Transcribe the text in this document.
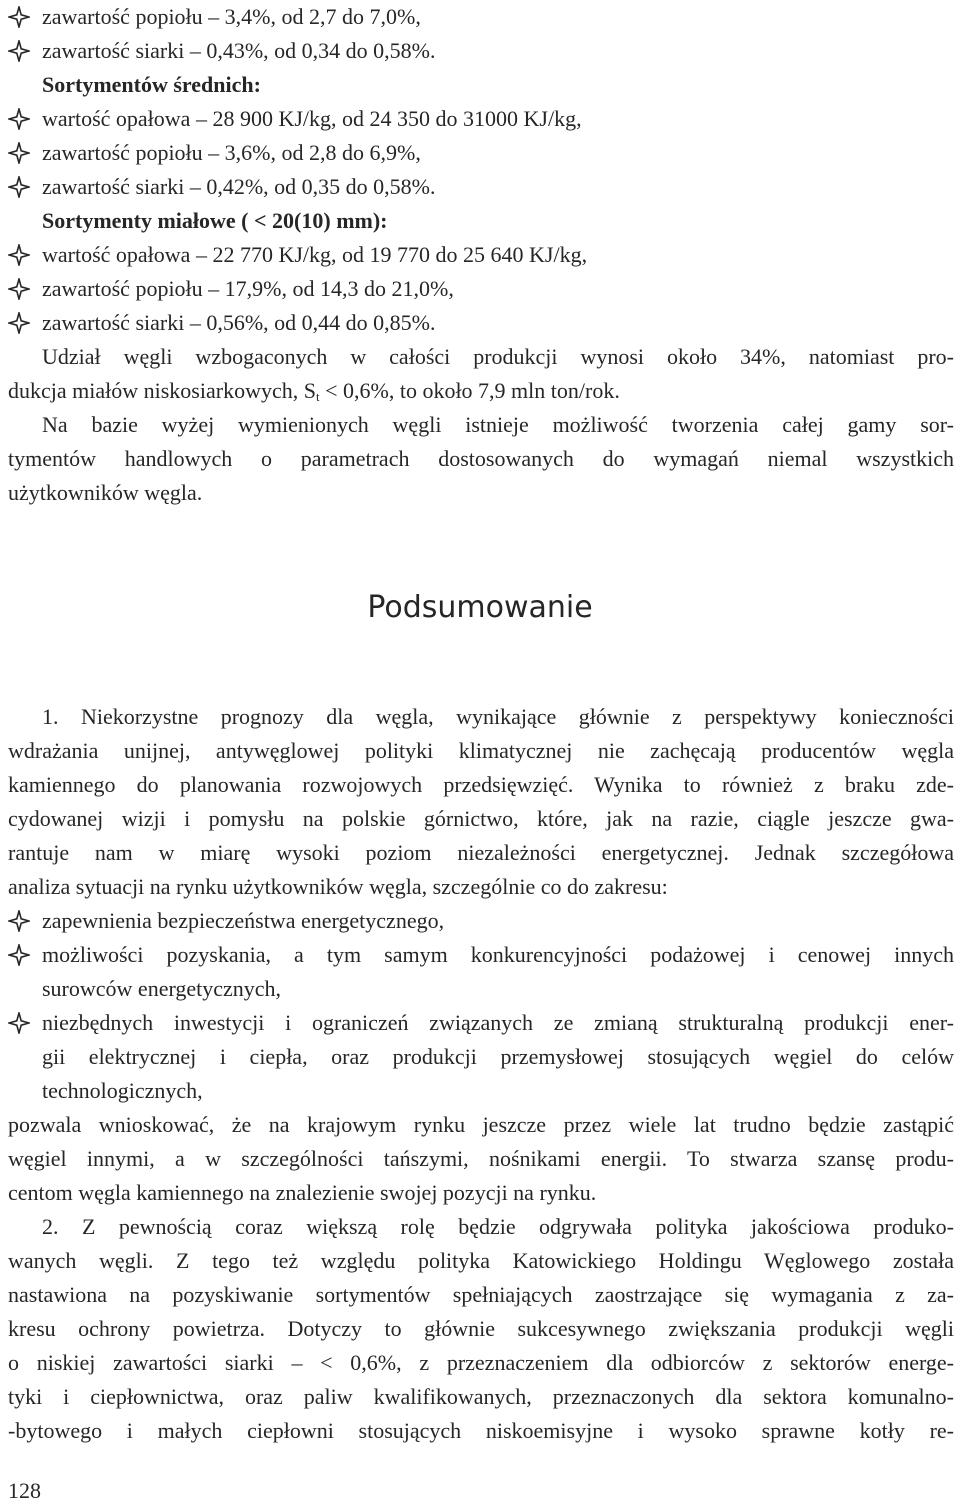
zawartość popiołu – 3,4%, od 2,7 do 7,0%,
zawartość siarki – 0,43%, od 0,34 do 0,58%.
Sortymentów średnich:
wartość opałowa – 28 900 KJ/kg, od 24 350 do 31000 KJ/kg,
zawartość popiołu – 3,6%, od 2,8 do 6,9%,
zawartość siarki – 0,42%, od 0,35 do 0,58%.
Sortymenty miałowe ( < 20(10) mm):
wartość opałowa – 22 770 KJ/kg, od 19 770 do 25 640 KJ/kg,
zawartość popiołu – 17,9%, od 14,3 do 21,0%,
zawartość siarki – 0,56%, od 0,44 do 0,85%.
Udział węgli wzbogaconych w całości produkcji wynosi około 34%, natomiast pro-
dukcja miałów niskosiarkowych, $S_t < 0,6\%$, to około 7,9 mln ton/rok.
Na bazie wyżej wymienionych węgli istnieje możliwość tworzenia całej gamy sor-
tymentów handlowych o parametrach dostosowanych do wymagań niemal wszystkich
użytkowników węgla.
Podsumowanie
1. Niekorzystne prognozy dla węgla, wynikające głównie z perspektywy konieczności
wdrażania unijnej, antywęglowej polityki klimatycznej nie zachęcają producentów węgla
kamiennego do planowania rozwojowych przedsięwzięć. Wynika to również z braku zde-
cydowanej wizji i pomysłu na polskie górnictwo, które, jak na razie, ciągle jeszcze gwa-
rantuje nam w miarę wysoki poziom niezależności energetycznej. Jednak szczegółowa
analiza sytuacji na rynku użytkowników węgla, szczególnie co do zakresu:
zapewnienia bezpieczeństwa energetycznego,
możliwości pozyskania, a tym samym konkurencyjności podażowej i cenowej innych
surowców energetycznych,
niezbędnych inwestycji i ograniczeń związanych ze zmianą strukturalną produkcji ener-
gii elektrycznej i ciepła, oraz produkcji przemysłowej stosujących węgiel do celów
technologicznych,
pozwala wnioskować, że na krajowym rynku jeszcze przez wiele lat trudno będzie zastąpić
węgiel innymi, a w szczególności tańszymi, nośnikami energii. To stwarza szansę produ-
centom węgla kamiennego na znalezienie swojej pozycji na rynku.
2. Z pewnością coraz większą rolę będzie odgrywała polityka jakościowa produko-
wanych węgli. Z tego też względu polityka Katowickiego Holdingu Węglowego została
nastawiona na pozyskiwanie sortymentów spełniających zaostrzające się wymagania z za-
kresu ochrony powietrza. Dotyczy to głównie sukcesywnego zwiększania produkcji węgli
o niskiej zawartości siarki – < 0,6%, z przeznaczeniem dla odbiorców z sektorów energe-
tyki i ciepłownictwa, oraz paliw kwalifikowanych, przeznaczonych dla sektora komunalno-
-bytowego i małych ciepłowni stosujących niskoemisyjne i wysoko sprawne kotły re-
128
